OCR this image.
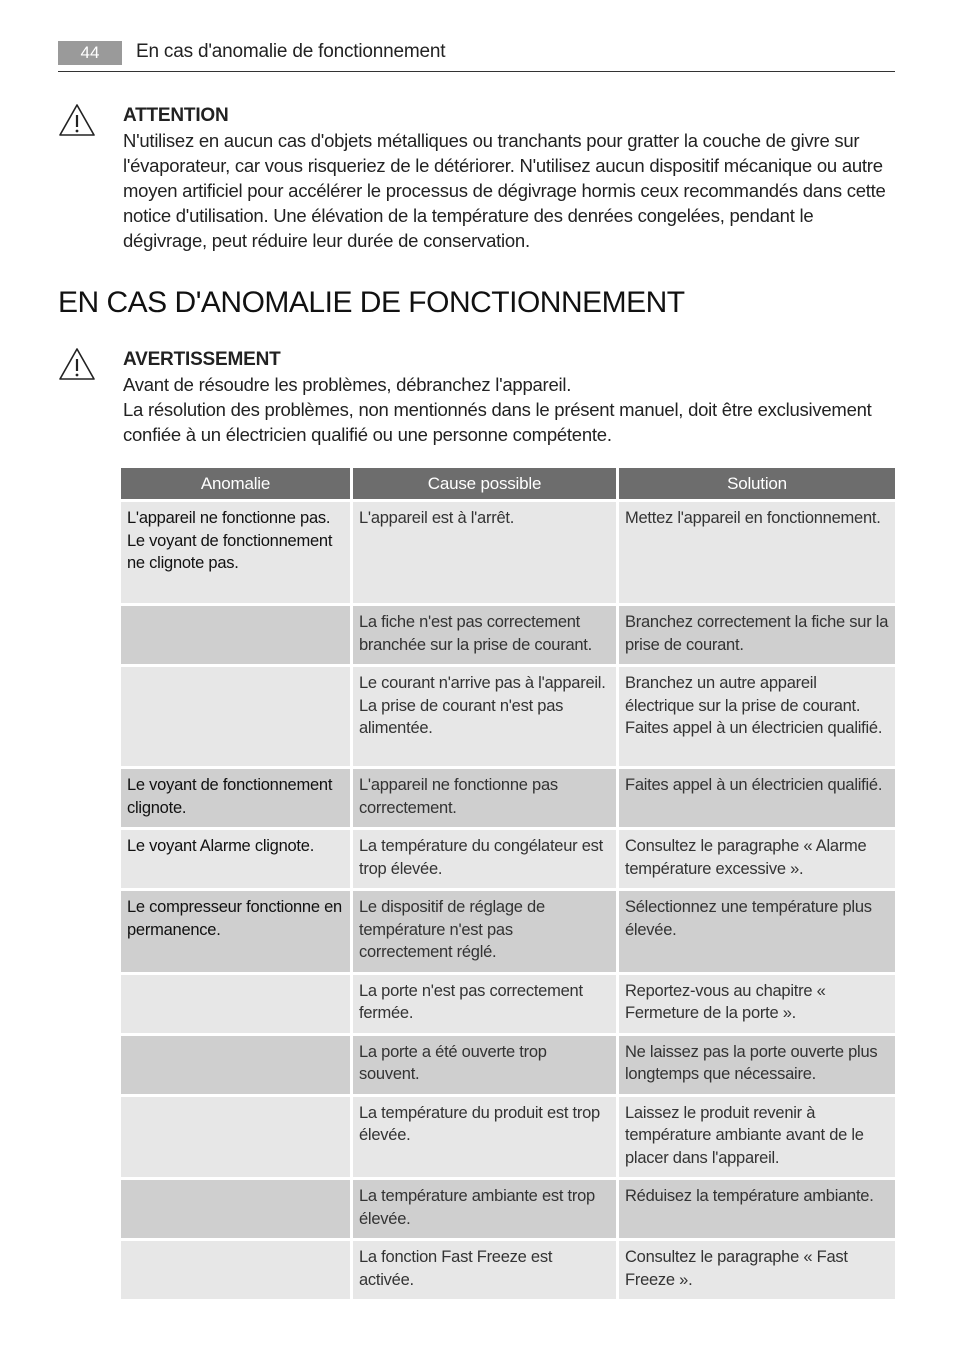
44	En cas d'anomalie de fonctionnement
ATTENTION

N'utilisez en aucun cas d'objets métalliques ou tranchants pour gratter la couche de givre sur l'évaporateur, car vous risqueriez de le détériorer. N'utilisez aucun dispositif mécanique ou autre moyen artificiel pour accélérer le processus de dégivrage hormis ceux recommandés dans cette notice d'utilisation. Une élévation de la température des denrées congelées, pendant le dégivrage, peut réduire leur durée de conservation.

EN CAS D'ANOMALIE DE FONCTIONNEMENT
AVERTISSEMENT

Avant de résoudre les problèmes, débranchez l'appareil.

La résolution des problèmes, non mentionnés dans le présent manuel, doit être exclusivement confiée à un électricien qualifié ou une personne compétente.

Anomalie	Cause possible	Solution
L'appareil ne fonctionne pas. Le voyant de fonctionnement ne clignote pas.	L'appareil est à l'arrêt.	Mettez l'appareil en fonctionnement.
	La fiche n'est pas correctement branchée sur la prise de courant.	Branchez correctement la fiche sur la prise de courant.
	Le courant n'arrive pas à l'appareil. La prise de courant n'est pas alimentée.	Branchez un autre appareil électrique sur la prise de courant. Faites appel à un électricien qualifié.
Le voyant de fonctionnement clignote.	L'appareil ne fonctionne pas correctement.	Faites appel à un électricien qualifié.
Le voyant Alarme clignote.	La température du congélateur est trop élevée.	Consultez le paragraphe « Alarme température excessive ».
Le compresseur fonctionne en permanence.	Le dispositif de réglage de température n'est pas correctement réglé.	Sélectionnez une température plus élevée.
	La porte n'est pas correctement fermée.	Reportez-vous au chapitre « Fermeture de la porte ».
	La porte a été ouverte trop souvent.	Ne laissez pas la porte ouverte plus longtemps que nécessaire.
	La température du produit est trop élevée.	Laissez le produit revenir à température ambiante avant de le placer dans l'appareil.
	La température ambiante est trop élevée.	Réduisez la température ambiante.
	La fonction Fast Freeze est activée.	Consultez le paragraphe « Fast Freeze ».
